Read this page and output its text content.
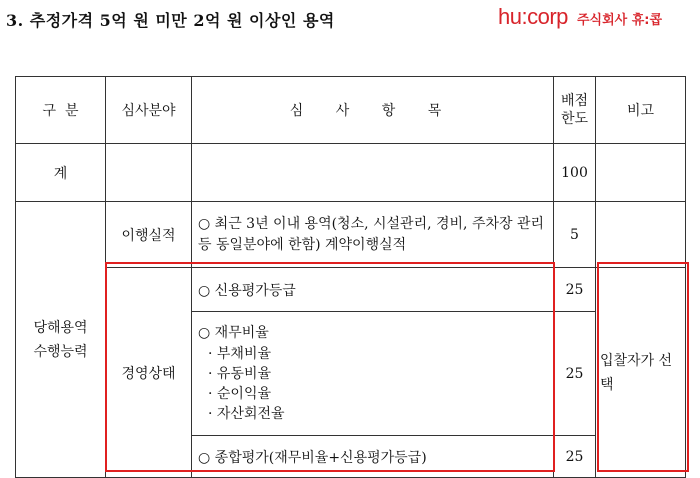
3. 추정가격 5억 원 미만 2억 원 이상인 용역	hu:corp 주식회사 휴:콥
구  분	심사분야	심 사 항 목	배점한도	비고
계			100	
당해용역 수행능력	이행실적	○ 최근 3년 이내 용역(청소, 시설관리, 경비, 주차장 관리 등 동일분야에 한함) 계약이행실적	5	
	경영상태	○ 신용평가등급	25	입찰자가 선택

		○ 재무비율
· 부채비율
· 유동비율
· 순이익율
· 자산회전율	25	
		○ 종합평가(재무비율+신용평가등급)	25	
